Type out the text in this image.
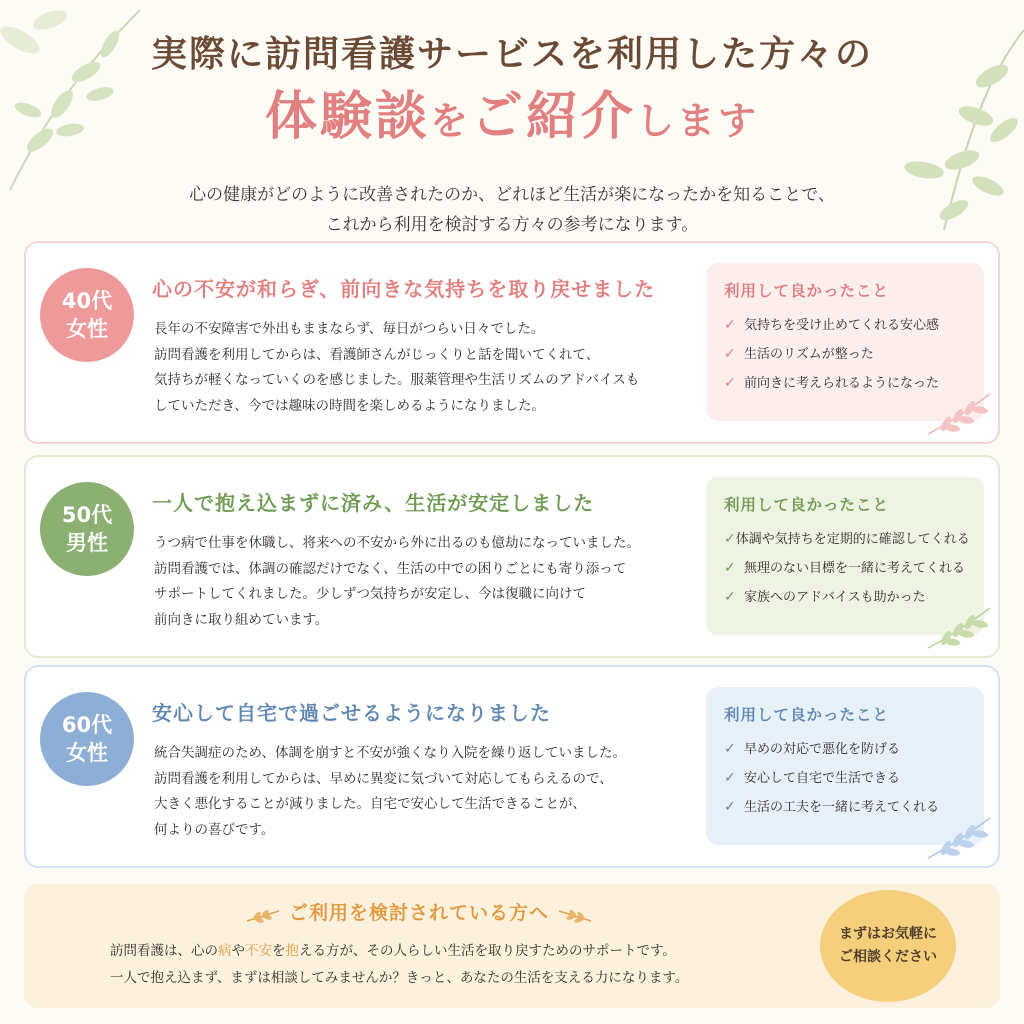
実際に訪問看護サービスを利用した方々の
体験談をご紹介します
心の健康がどのように改善されたのか、どれほど生活が楽になったかを知ることで、
これから利用を検討する方々の参考になります。
40代
女性
心の不安が和らぎ、前向きな気持ちを取り戻せました
長年の不安障害で外出もままならず、毎日がつらい日々でした。
訪問看護を利用してからは、看護師さんがじっくりと話を聞いてくれて、
気持ちが軽くなっていくのを感じました。服薬管理や生活リズムのアドバイスも
していただき、今では趣味の時間を楽しめるようになりました。
利用して良かったこと
✓ 気持ちを受け止めてくれる安心感
✓ 生活のリズムが整った
✓ 前向きに考えられるようになった
50代
男性
一人で抱え込まずに済み、生活が安定しました
うつ病で仕事を休職し、将来への不安から外に出るのも億劫になっていました。
訪問看護では、体調の確認だけでなく、生活の中での困りごとにも寄り添って
サポートしてくれました。少しずつ気持ちが安定し、今は復職に向けて
前向きに取り組めています。
利用して良かったこと
✓ 体調や気持ちを定期的に確認してくれる
✓ 無理のない目標を一緒に考えてくれる
✓ 家族へのアドバイスも助かった
60代
女性
安心して自宅で過ごせるようになりました
統合失調症のため、体調を崩すと不安が強くなり入院を繰り返していました。
訪問看護を利用してからは、早めに異変に気づいて対応してもらえるので、
大きく悪化することが減りました。自宅で安心して生活できることが、
何よりの喜びです。
利用して良かったこと
✓ 早めの対応で悪化を防げる
✓ 安心して自宅で生活できる
✓ 生活の工夫を一緒に考えてくれる
ご利用を検討されている方へ
訪問看護は、心の病や不安を抱える方が、その人らしい生活を取り戻すためのサポートです。
一人で抱え込まず、まずは相談してみませんか？きっと、あなたの生活を支える力になります。
まずはお気軽に
ご相談ください
